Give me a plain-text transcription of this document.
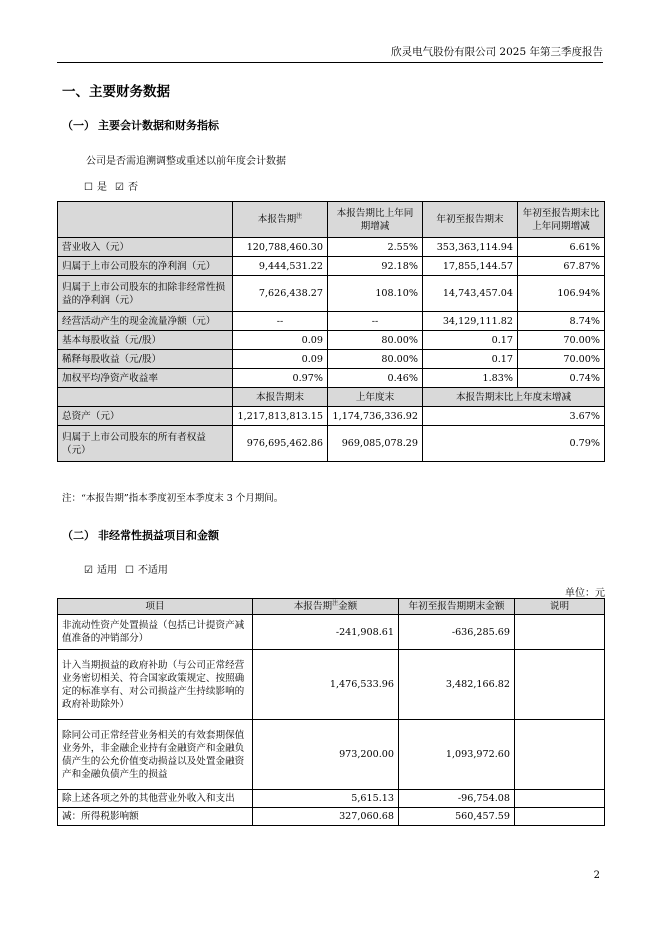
欣灵电气股份有限公司 2025 年第三季度报告
一、主要财务数据
（一） 主要会计数据和财务指标
公司是否需追溯调整或重述以前年度会计数据
☐ 是 ☑ 否
	本报告期$^注$	本报告期比上年同期增减	年初至报告期末	年初至报告期末比上年同期增减
营业收入（元）	120,788,460.30	2.55%	353,363,114.94	6.61%
归属于上市公司股东的净利润（元）	9,444,531.22	92.18%	17,855,144.57	67.87%
归属于上市公司股东的扣除非经常性损益的净利润（元）	7,626,438.27	108.10%	14,743,457.04	106.94%
经营活动产生的现金流量净额（元）	--	--	34,129,111.82	8.74%
基本每股收益（元/股）	0.09	80.00%	0.17	70.00%
稀释每股收益（元/股）	0.09	80.00%	0.17	70.00%
加权平均净资产收益率	0.97%	0.46%	1.83%	0.74%
	本报告期末	上年度末	本报告期末比上年度末增减	
总资产（元）	1,217,813,813.15	1,174,736,336.92	3.67%	
归属于上市公司股东的所有者权益（元）	976,695,462.86	969,085,078.29	0.79%	
注：“本报告期”指本季度初至本季度末 3 个月期间。
（二） 非经常性损益项目和金额
☑ 适用 ☐ 不适用
单位：元
项目	本报告期$^注$金额	年初至报告期期末金额	说明
非流动性资产处置损益（包括已计提资产减值准备的冲销部分）	-241,908.61	-636,285.69	
计入当期损益的政府补助（与公司正常经营业务密切相关、符合国家政策规定、按照确定的标准享有、对公司损益产生持续影响的政府补助除外）	1,476,533.96	3,482,166.82	
除同公司正常经营业务相关的有效套期保值业务外，非金融企业持有金融资产和金融负债产生的公允价值变动损益以及处置金融资产和金融负债产生的损益	973,200.00	1,093,972.60	
除上述各项之外的其他营业外收入和支出	5,615.13	-96,754.08	
减：所得税影响额	327,060.68	560,457.59	
2
